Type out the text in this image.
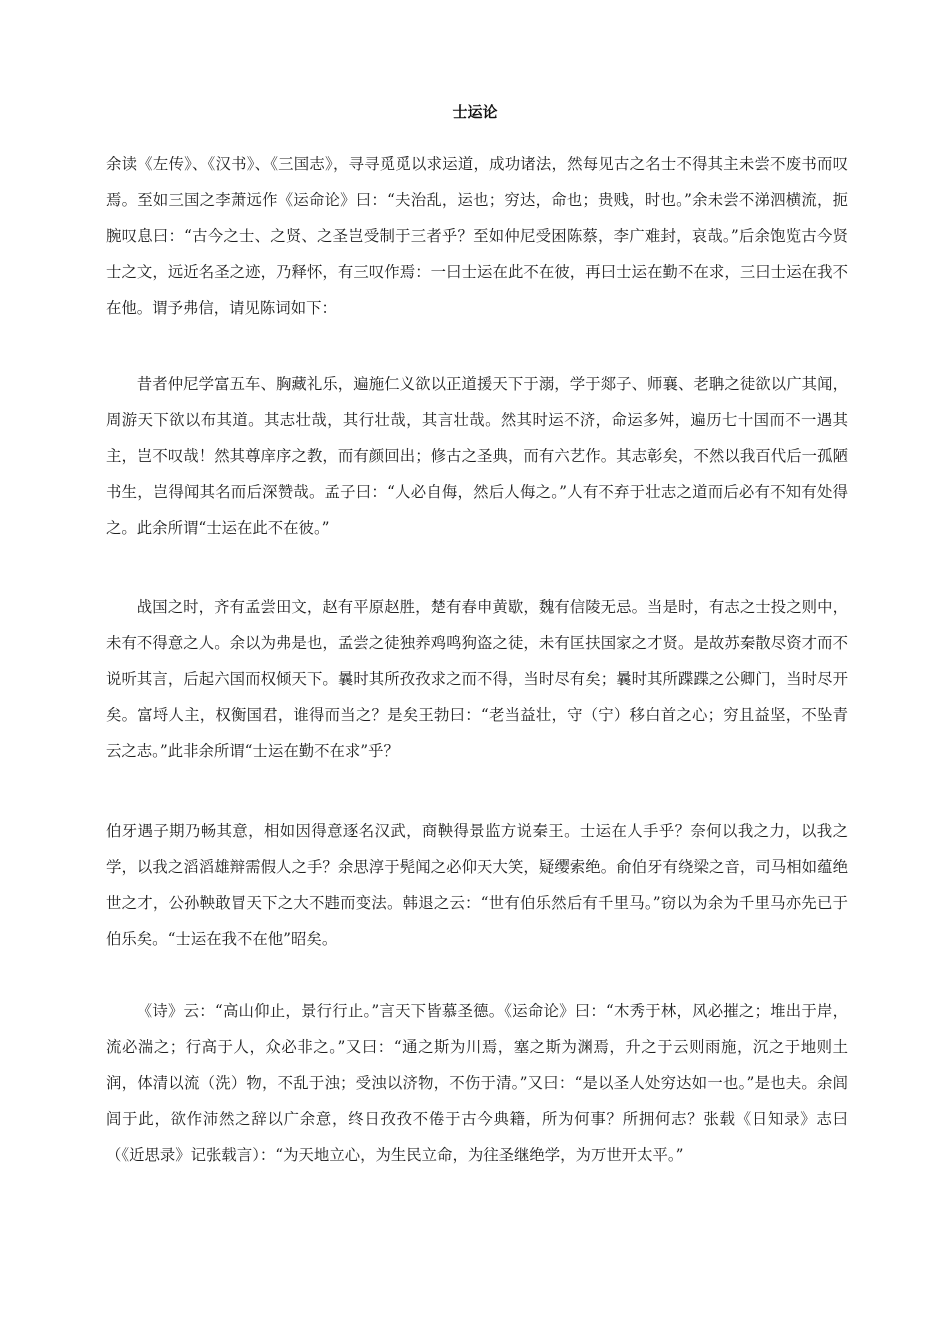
士运论

余读《左传》、《汉书》、《三国志》，寻寻觅觅以求运道，成功诸法，然每见古之名士不得其主未尝不废书而叹焉。至如三国之李萧远作《运命论》曰：“夫治乱，运也；穷达，命也；贵贱，时也。”余未尝不涕泗横流，扼腕叹息曰：“古今之士、之贤、之圣岂受制于三者乎？至如仲尼受困陈蔡，李广难封，哀哉。”后余饱览古今贤士之文，远近名圣之迹，乃释怀，有三叹作焉：一曰士运在此不在彼，再曰士运在勤不在求，三曰士运在我不在他。谓予弗信，请见陈词如下：

昔者仲尼学富五车、胸藏礼乐，遍施仁义欲以正道援天下于溺，学于郯子、师襄、老聃之徒欲以广其闻，周游天下欲以布其道。其志壮哉，其行壮哉，其言壮哉。然其时运不济，命运多舛，遍历七十国而不一遇其主，岂不叹哉！然其尊庠序之教，而有颜回出；修古之圣典，而有六艺作。其志彰矣，不然以我百代后一孤陋书生，岂得闻其名而后深赞哉。孟子曰：“人必自侮，然后人侮之。”人有不弃于壮志之道而后必有不知有处得之。此余所谓“士运在此不在彼。”

战国之时，齐有孟尝田文，赵有平原赵胜，楚有春申黄歇，魏有信陵无忌。当是时，有志之士投之则中，未有不得意之人。余以为弗是也，孟尝之徒独养鸡鸣狗盗之徒，未有匡扶国家之才贤。是故苏秦散尽资才而不说听其言，后起六国而权倾天下。曩时其所孜孜求之而不得，当时尽有矣；曩时其所蹀蹀之公卿门，当时尽开矣。富埒人主，权衡国君，谁得而当之？是矣王勃曰：“老当益壮，守（宁）移白首之心；穷且益坚，不坠青云之志。”此非余所谓“士运在勤不在求”乎？

伯牙遇子期乃畅其意，相如因得意逐名汉武，商鞅得景监方说秦王。士运在人手乎？奈何以我之力，以我之学，以我之滔滔雄辩需假人之手？余思淳于髡闻之必仰天大笑，疑缨索绝。俞伯牙有绕梁之音，司马相如蕴绝世之才，公孙鞅敢冒天下之大不韪而变法。韩退之云：“世有伯乐然后有千里马。”窃以为余为千里马亦先已于伯乐矣。“士运在我不在他”昭矣。

《诗》云：“高山仰止，景行行止。”言天下皆慕圣德。《运命论》曰：“木秀于林，风必摧之；堆出于岸，流必湍之；行高于人，众必非之。”又曰：“通之斯为川焉，塞之斯为渊焉，升之于云则雨施，沉之于地则土润，体清以流（洗）物，不乱于浊；受浊以济物，不伤于清。”又曰：“是以圣人处穷达如一也。”是也夫。余闾闾于此，欲作沛然之辞以广余意，终日孜孜不倦于古今典籍，所为何事？所拥何志？张载《日知录》志曰（《近思录》记张载言）：“为天地立心，为生民立命，为往圣继绝学，为万世开太平。”
